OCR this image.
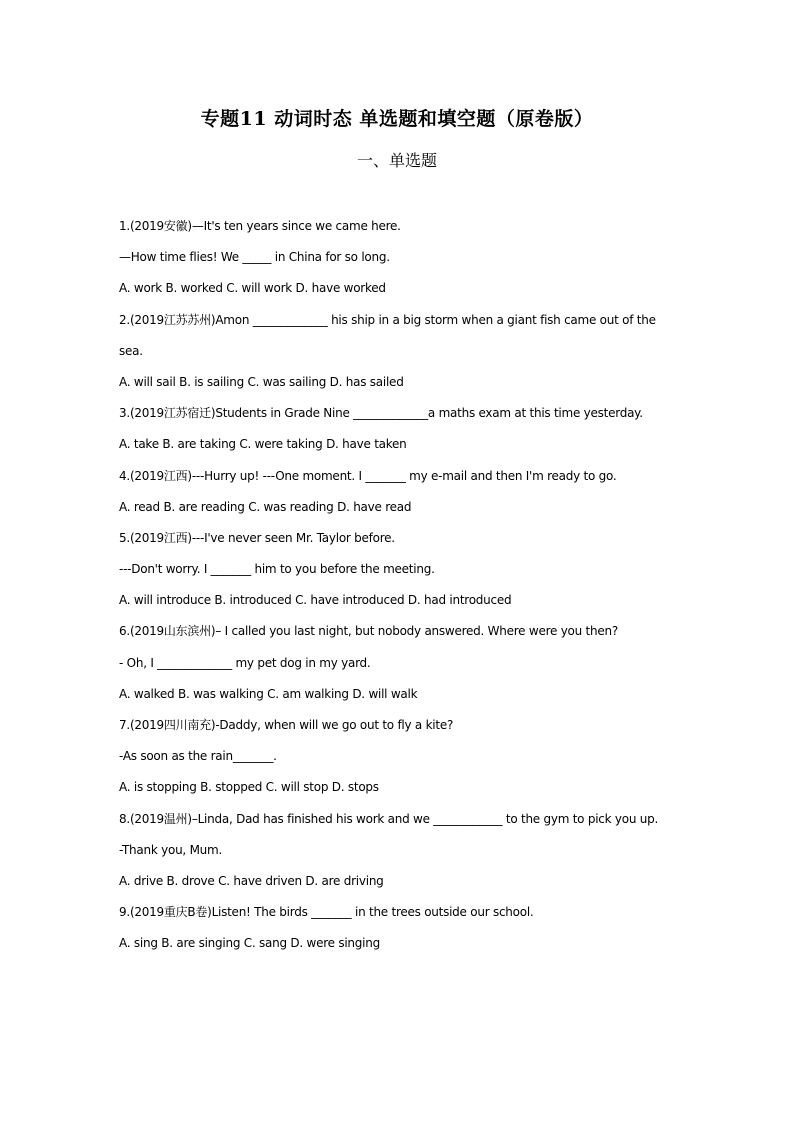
专题11 动词时态 单选题和填空题（原卷版）
一、单选题
1.(2019安徽)—It's ten years since we came here.
—How time flies! We _____ in China for so long.
A. work B. worked C. will work D. have worked
2.(2019江苏苏州)Amon _____________ his ship in a big storm when a giant fish came out of the
sea.
A. will sail B. is sailing C. was sailing D. has sailed
3.(2019江苏宿迁)Students in Grade Nine _____________a maths exam at this time yesterday.
A. take B. are taking C. were taking D. have taken
4.(2019江西)---Hurry up! ---One moment. I _______ my e-mail and then I'm ready to go.
A. read B. are reading C. was reading D. have read
5.(2019江西)---I've never seen Mr. Taylor before.
---Don't worry. I _______ him to you before the meeting.
A. will introduce B. introduced C. have introduced D. had introduced
6.(2019山东滨州)– I called you last night, but nobody answered. Where were you then?
- Oh, I _____________ my pet dog in my yard.
A. walked B. was walking C. am walking D. will walk
7.(2019四川南充)-Daddy, when will we go out to fly a kite?
-As soon as the rain_______.
A. is stopping B. stopped C. will stop D. stops
8.(2019温州)–Linda, Dad has finished his work and we ____________ to the gym to pick you up.
-Thank you, Mum.
A. drive B. drove C. have driven D. are driving
9.(2019重庆B卷)Listen! The birds _______ in the trees outside our school.
A. sing B. are singing C. sang D. were singing
